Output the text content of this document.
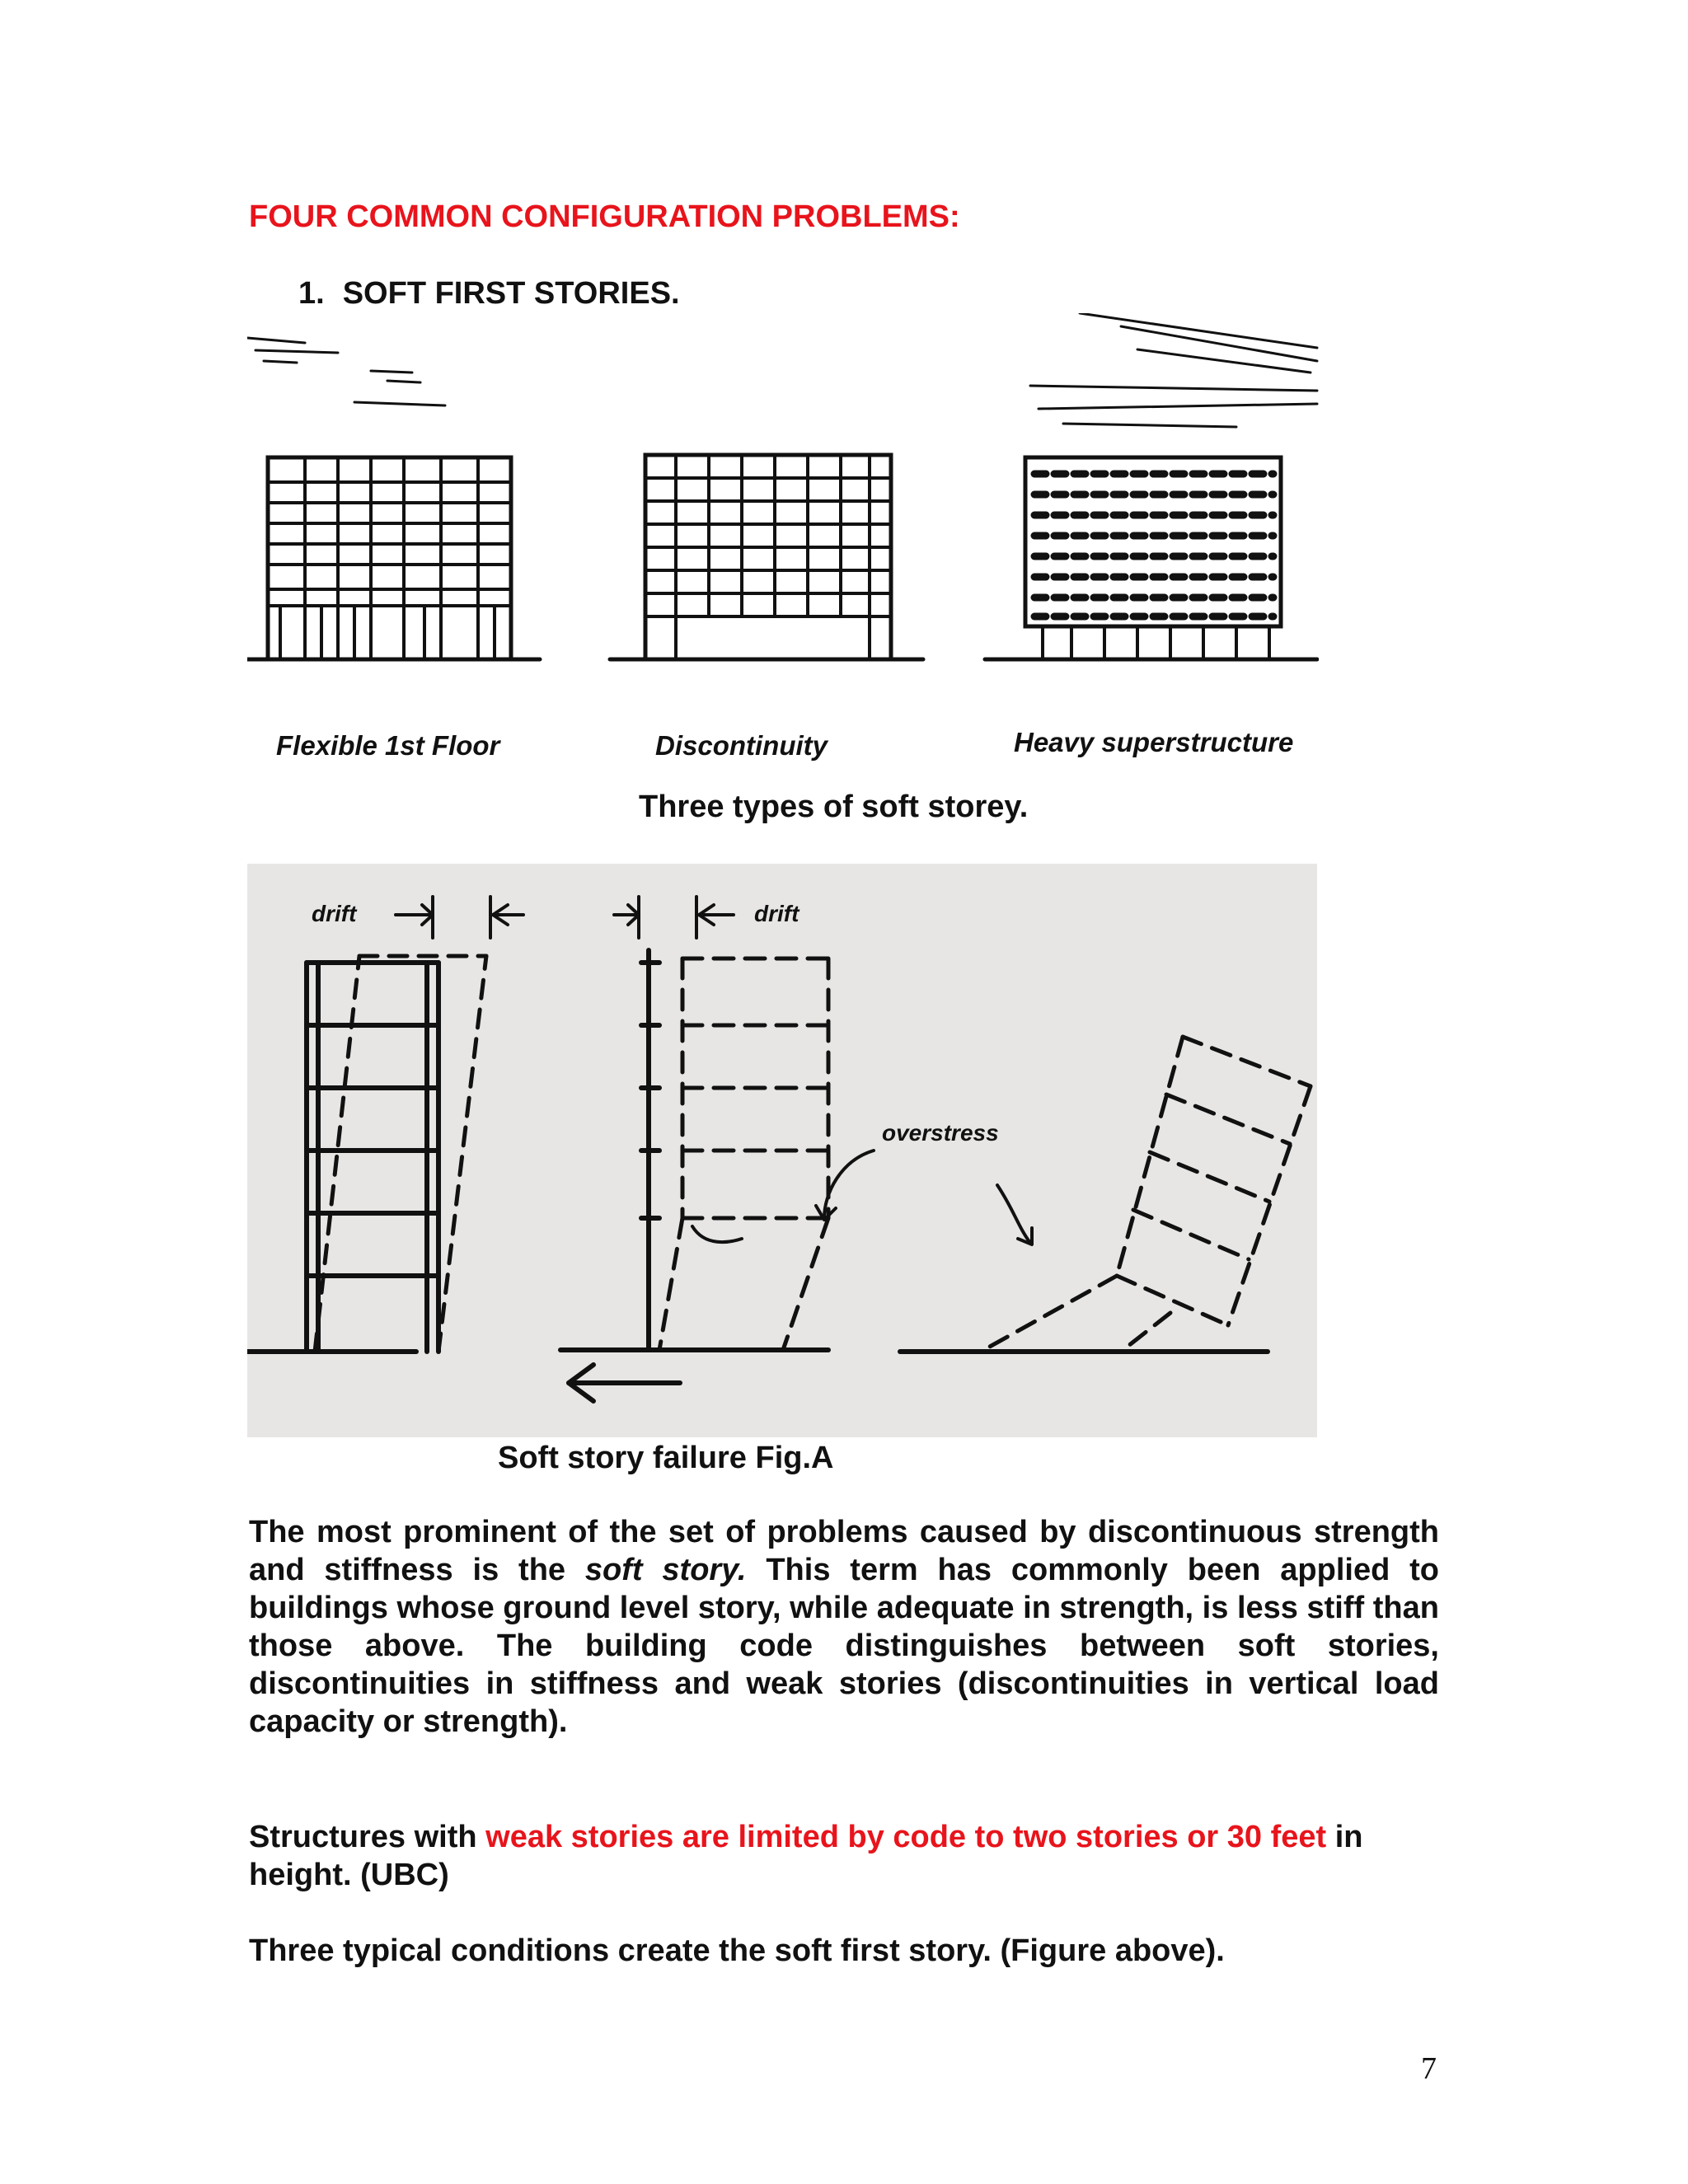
FOUR COMMON CONFIGURATION PROBLEMS:
1. SOFT FIRST STORIES.
Flexible 1st Floor	Discontinuity	Heavy superstructure
Three types of soft storey.
drift	drift
overstress
Soft story failure Fig.A
The most prominent of the set of problems caused by discontinuous strength and stiffness is the soft story. This term has commonly been applied to buildings whose ground level story, while adequate in strength, is less stiff than those above. The building code distinguishes between soft stories, discontinuities in stiffness and weak stories (discontinuities in vertical load capacity or strength).
Structures with weak stories are limited by code to two stories or 30 feet in height. (UBC)
Three typical conditions create the soft first story. (Figure above).
7
